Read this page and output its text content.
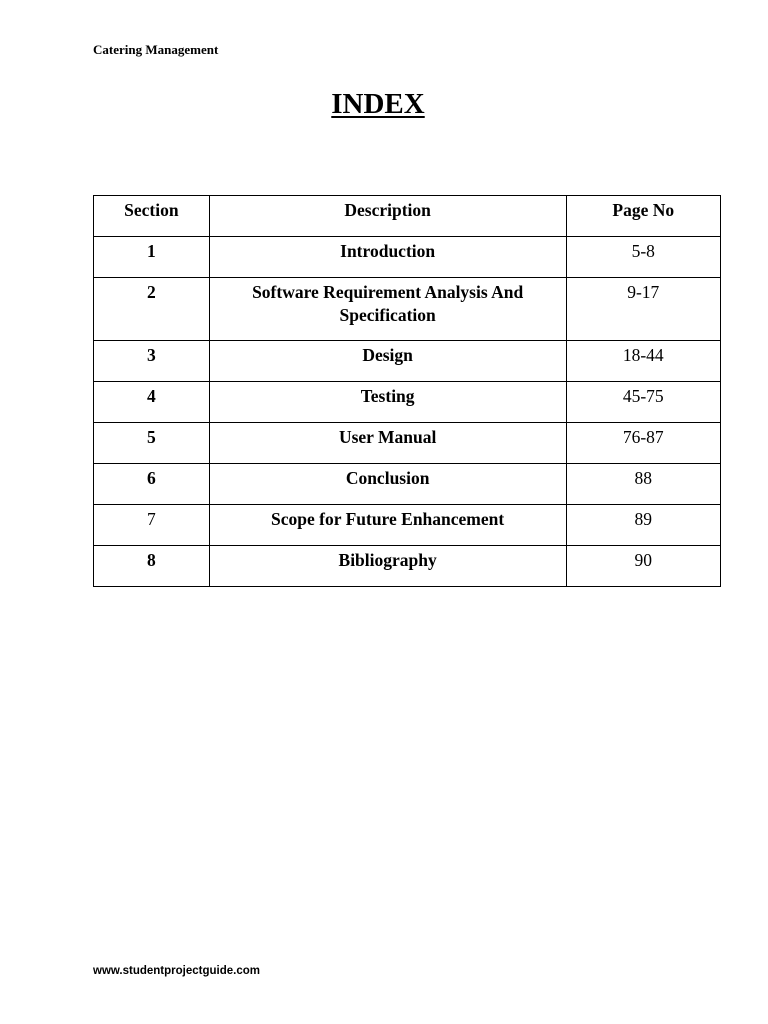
Catering Management
INDEX
Section	Description	Page No
1	Introduction	5-8
2	Software Requirement Analysis And Specification	9-17
3	Design	18-44
4	Testing	45-75
5	User Manual	76-87
6	Conclusion	88
7	Scope for Future Enhancement	89
8	Bibliography	90
www.studentprojectguide.com
